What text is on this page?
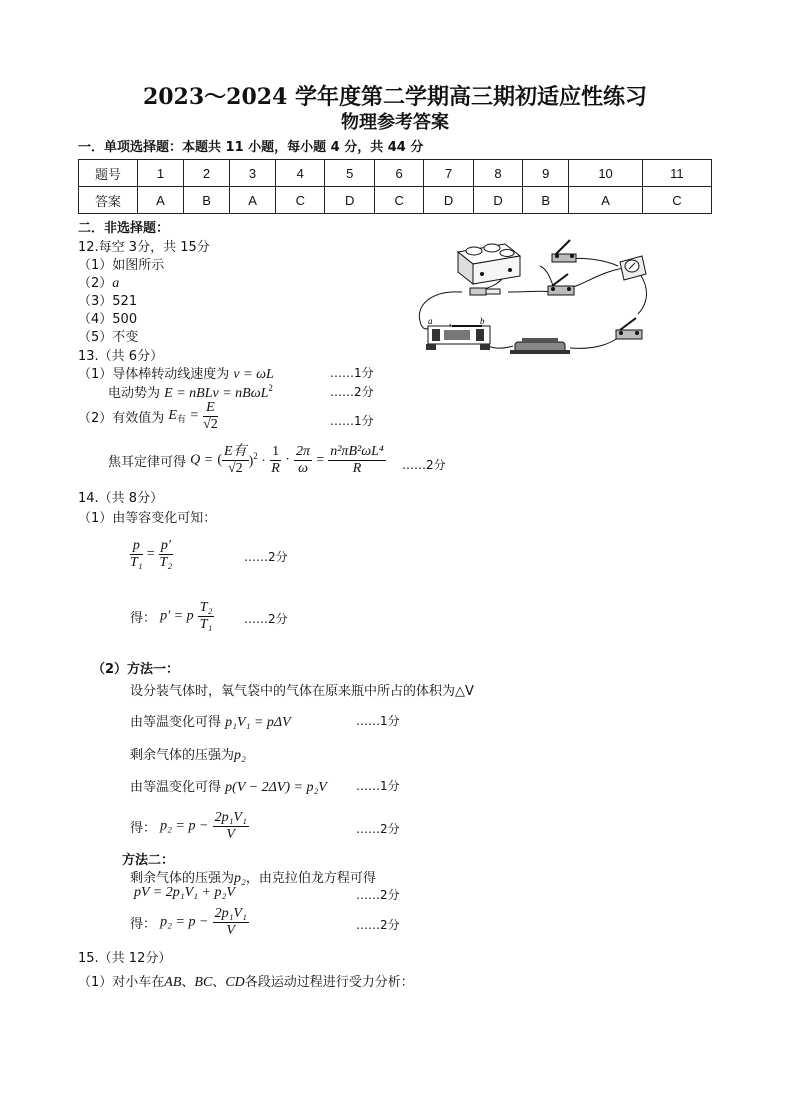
2023～2024 学年度第二学期高三期初适应性练习
物理参考答案
一．单项选择题：本题共 11 小题，每小题 4 分，共 44 分
题号	1	2	3	4	5	6	7	8	9	10	11
答案	A	B	A	C	D	C	D	D	B	A	C
二．非选择题：
12.每空 3分，共 15分
（1）如图所示
（2）a
（3）521
（4）500
（5）不变
a	b
13.（共 6分）
（1）导体棒转动线速度为 v = ωL	……1分
电动势为 E = nBLv = nBωL$^2$	……2分
（2）有效值为 $E_有 = \frac{E}{√2}$	……1分
焦耳定律可得 Q = ( $\frac{\text{E有}}{√2} )^2 \cdot \frac{1}{R} \cdot \frac{2\pi}{\omega} = \frac{\text{n²πB²ωL⁴}}{R}$ ……2分
14.（共 8分）
（1）由等容变化可知：
$\frac{p}{\text{T₁}} = \frac{p'}{\text{T₂}}$	……2分
得： p' = p $\frac{\text{T₂}}{\text{T₁}}$ ……2分
（2）方法一：
设分装气体时，氧气袋中的气体在原来瓶中所占的体积为△V
由等温变化可得 p₁V₁ = pΔV	……1分
剩余气体的压强为p₂
由等温变化可得 p(V − 2ΔV) = p₂V ……1分
得： $p_2 = p - \frac{\text{2p₁V₁}}{V}$	……2分
方法二：
剩余气体的压强为p₂，由克拉伯龙方程可得
pV = 2p₁V₁ + p₂V	……2分
得： $p_2 = p - \frac{\text{2p₁V₁}}{V}$	……2分
15.（共 12分）
（1）对小车在AB、BC、CD各段运动过程进行受力分析：
